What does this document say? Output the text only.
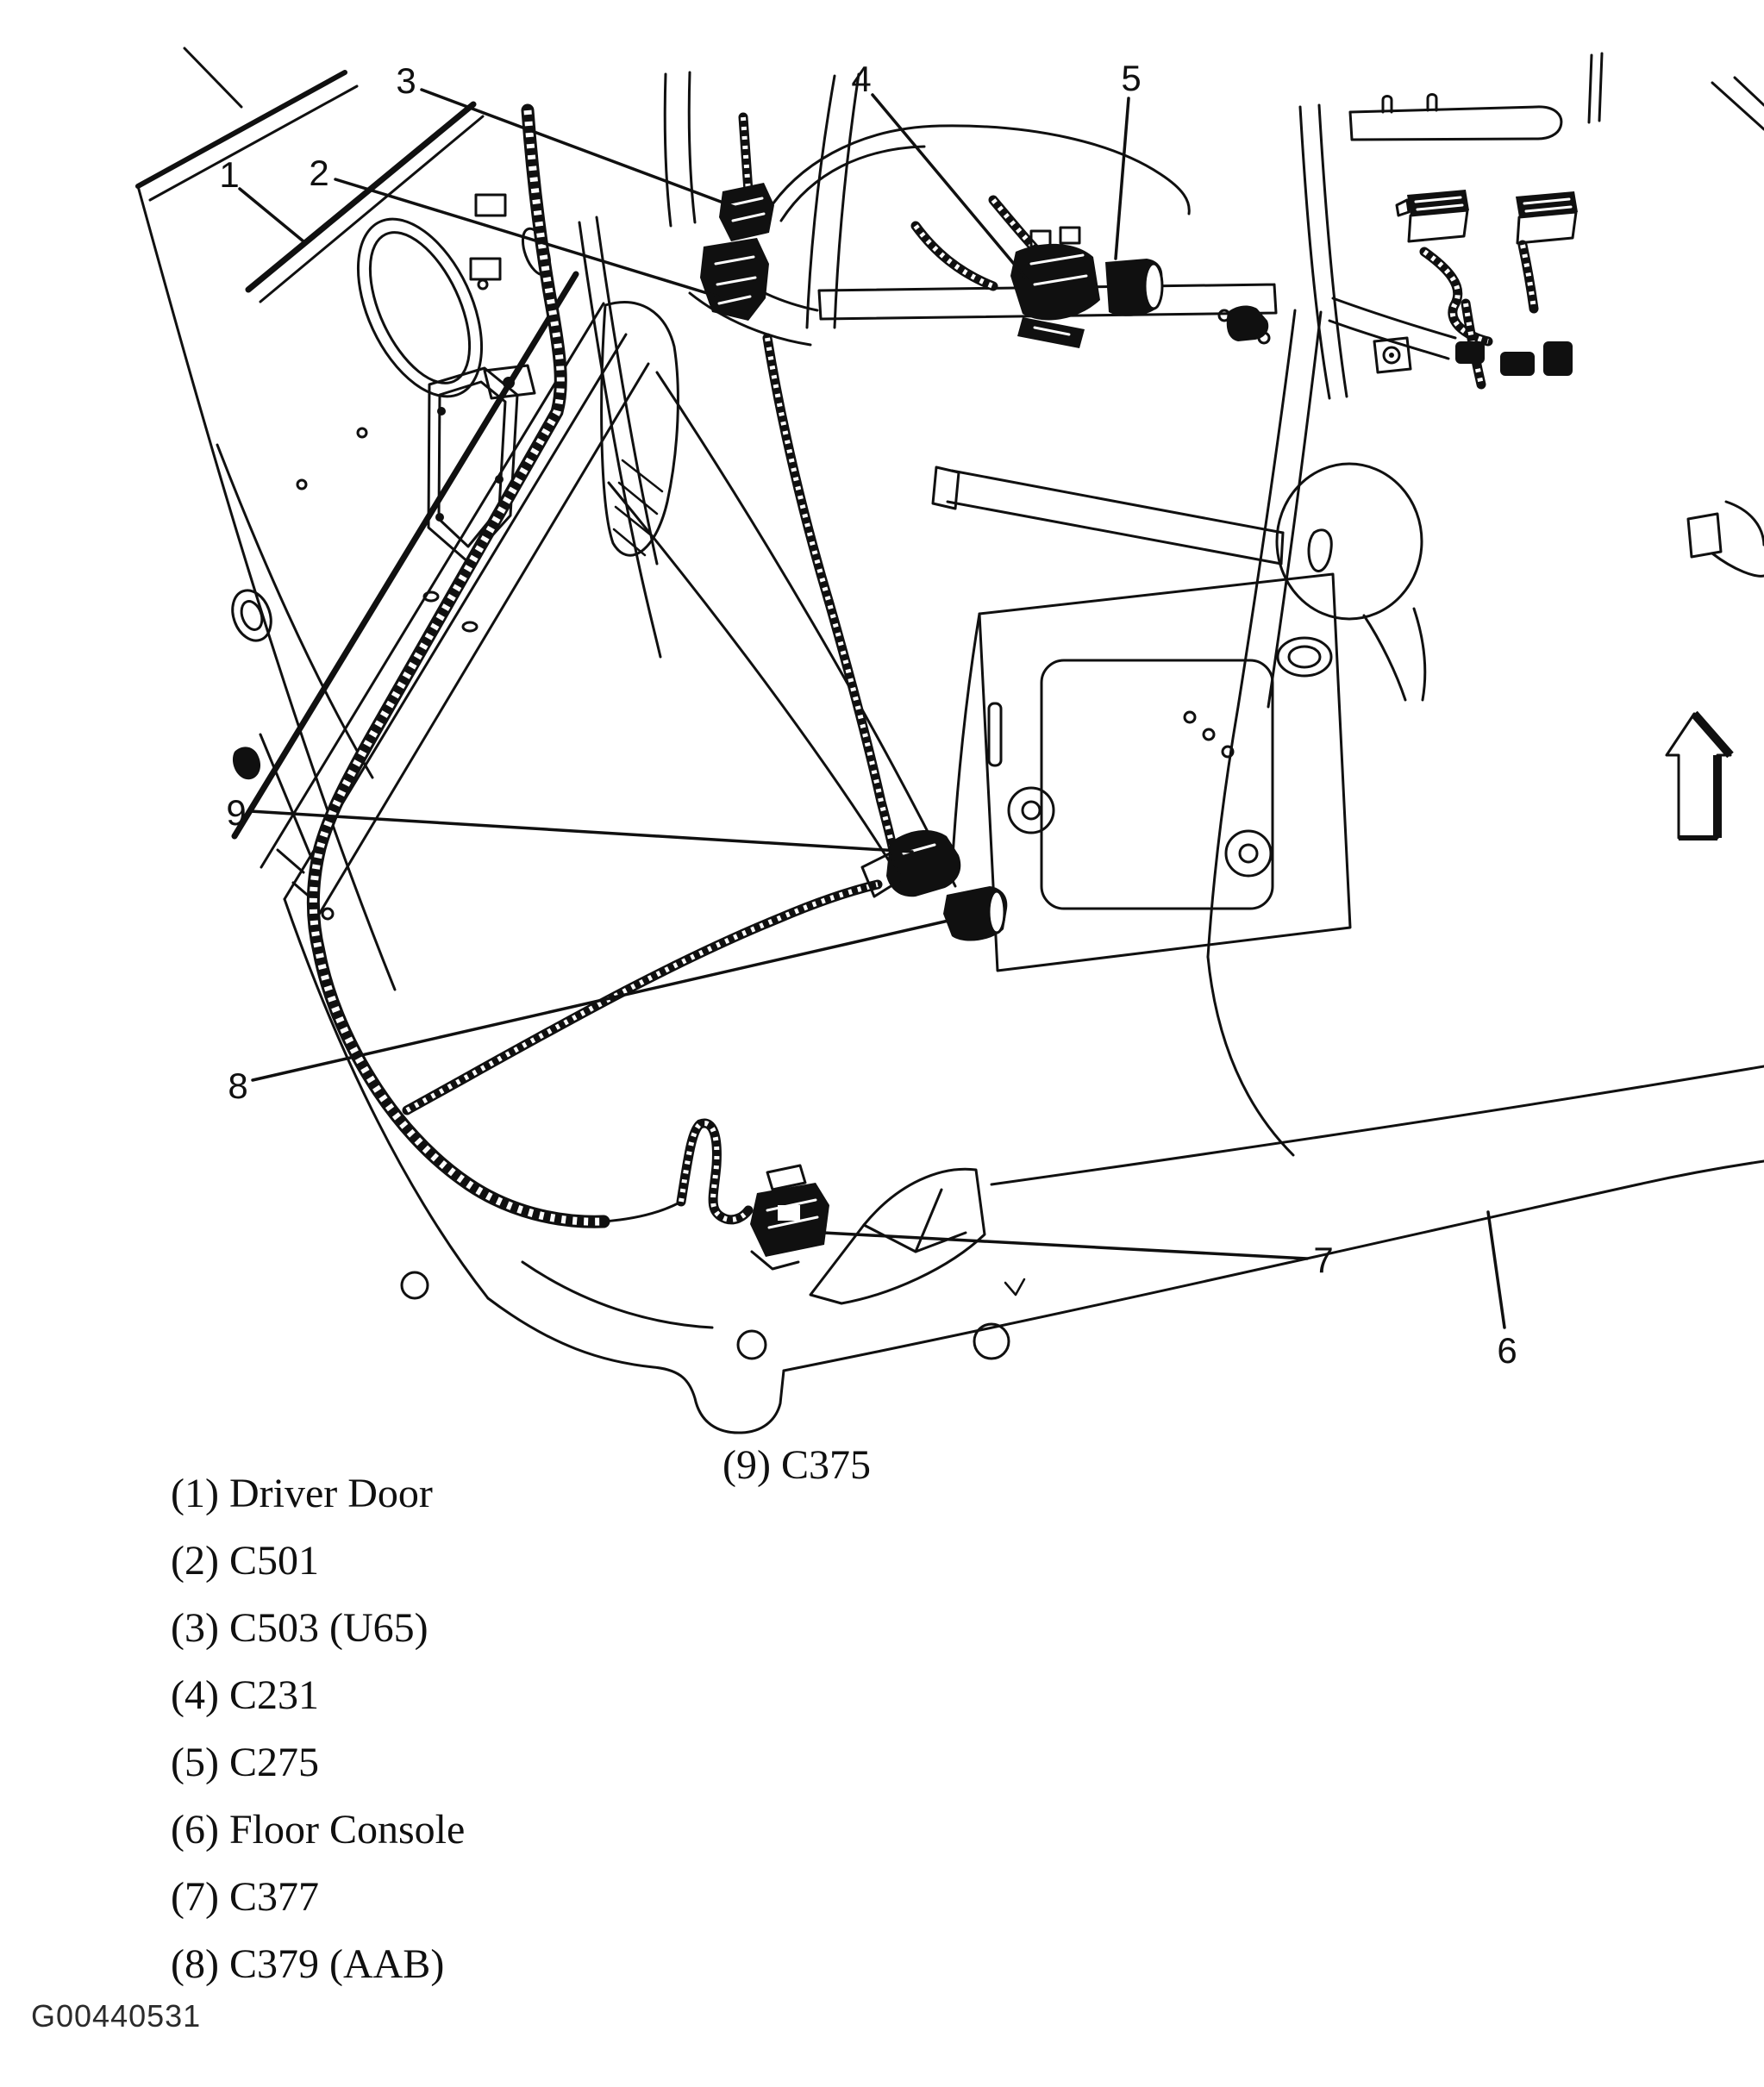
1 2
3	4	5
6
7
8
9
(1) Driver Door
(2) C501
(3) C503 (U65)
(4) C231
(5) C275
(6) Floor Console
(7) C377
(8) C379 (AAB)
(9) C375
G00440531
